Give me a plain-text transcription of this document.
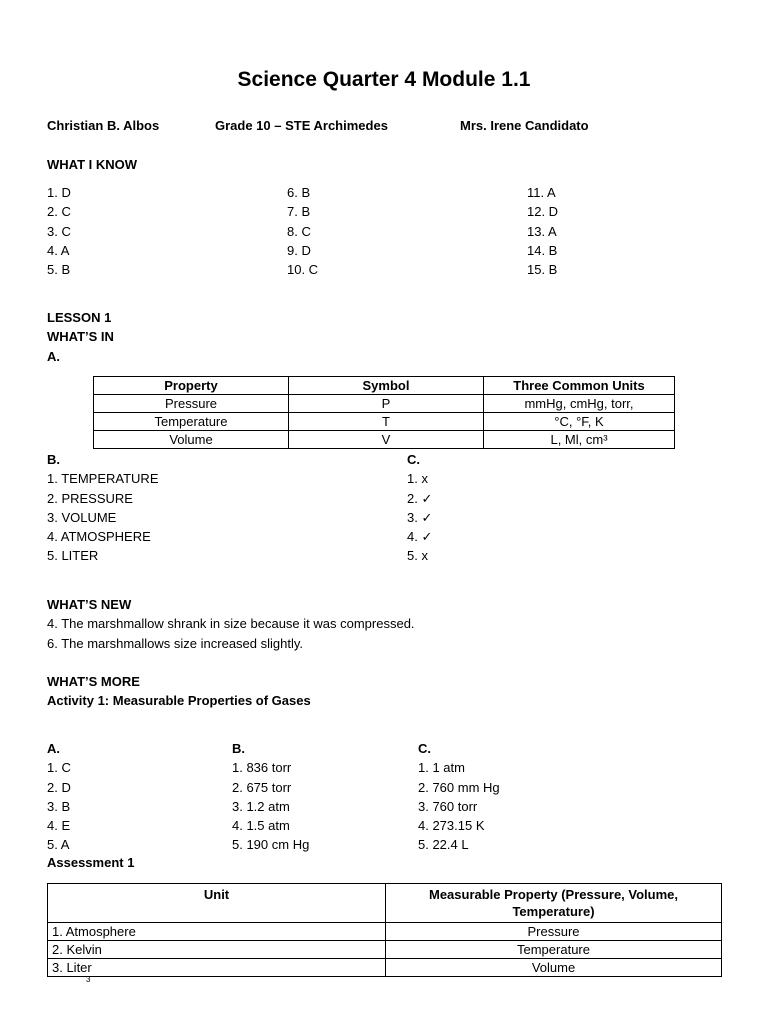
Science Quarter 4 Module 1.1
Christian B. Albos	Grade 10 – STE Archimedes	Mrs. Irene Candidato
WHAT I KNOW
1. D
2. C
3. C
4. A
5. B
6. B
7. B
8. C
9. D
10. C
11. A
12. D
13. A
14. B
15. B
LESSON 1
WHAT’S IN
A.
Property	Symbol	Three Common Units
Pressure	P	mmHg, cmHg, torr,
Temperature	T	°C, °F, K
Volume	V	L, Ml, cm³
B.
1. TEMPERATURE
2. PRESSURE
3. VOLUME
4. ATMOSPHERE
5. LITER
C.
1. x
2. ✓
3. ✓
4. ✓
5. x
WHAT’S NEW
4. The marshmallow shrank in size because it was compressed.
6. The marshmallows size increased slightly.
WHAT’S MORE
Activity 1: Measurable Properties of Gases
A.
1. C
2. D
3. B
4. E
5. A
B.
1. 836 torr
2. 675 torr
3. 1.2 atm
4. 1.5 atm
5. 190 cm Hg
C.
1. 1 atm
2. 760 mm Hg
3. 760 torr
4. 273.15 K
5. 22.4 L
Assessment 1
Unit	Measurable Property (Pressure, Volume, Temperature)
1. Atmosphere	Pressure
2. Kelvin	Temperature
3. Liter	Volume
3
